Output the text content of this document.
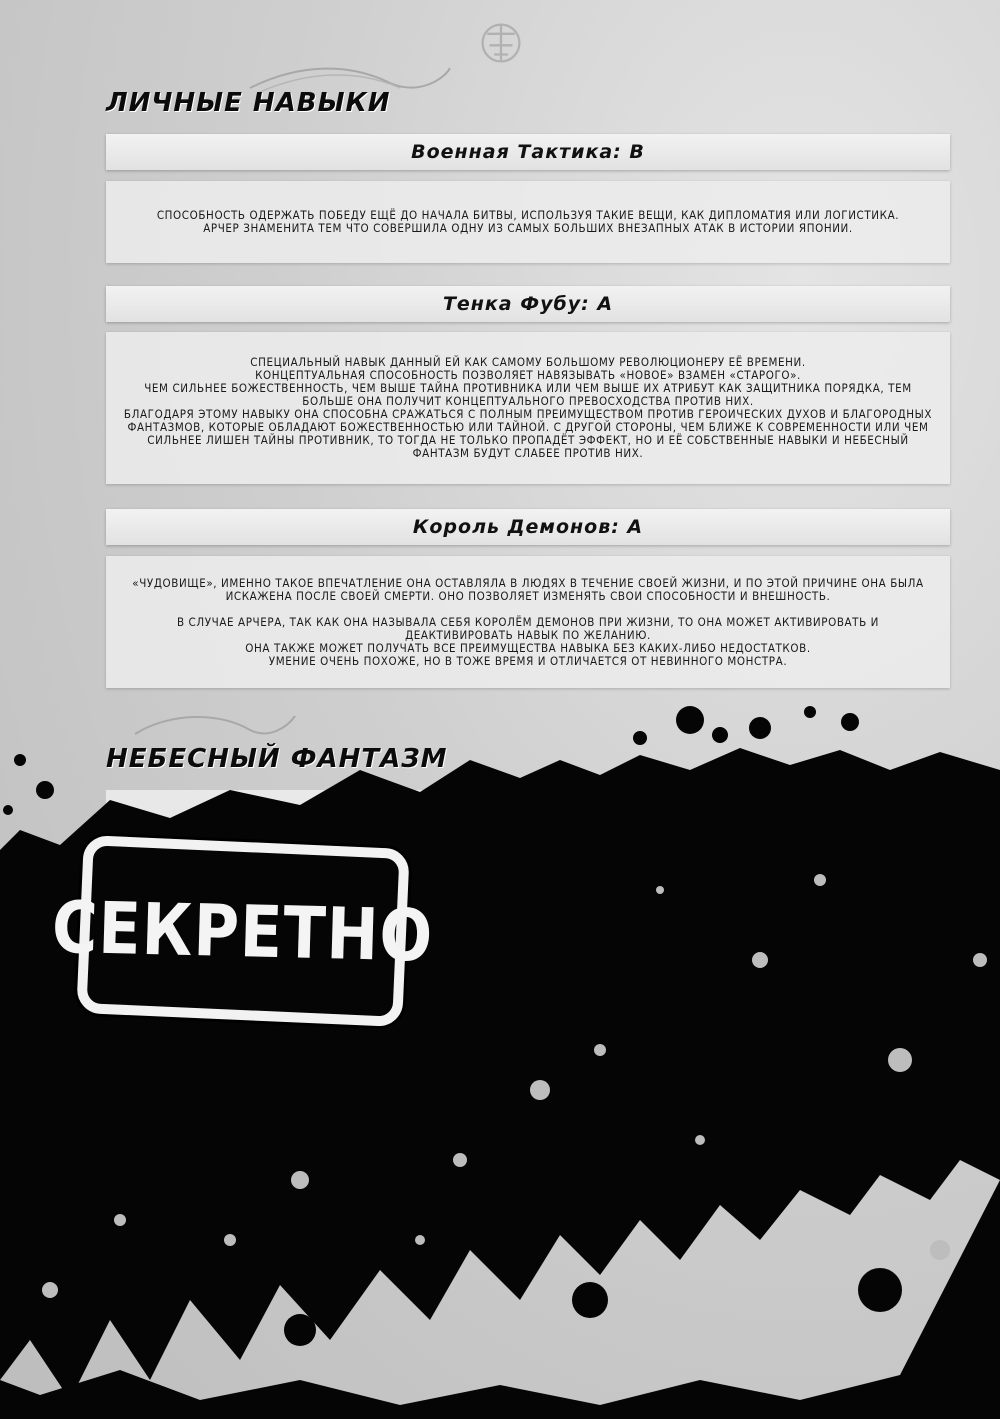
ЛИЧНЫЕ НАВЫКИ
Военная Тактика: B

СПОСОБНОСТЬ ОДЕРЖАТЬ ПОБЕДУ ЕЩЁ ДО НАЧАЛА БИТВЫ, ИСПОЛЬЗУЯ ТАКИЕ ВЕЩИ, КАК ДИПЛОМАТИЯ ИЛИ ЛОГИСТИКА.

АРЧЕР ЗНАМЕНИТА ТЕМ ЧТО СОВЕРШИЛА ОДНУ ИЗ САМЫХ БОЛЬШИХ ВНЕЗАПНЫХ АТАК В ИСТОРИИ ЯПОНИИ.

Тенка Фубу: A

СПЕЦИАЛЬНЫЙ НАВЫК ДАННЫЙ ЕЙ КАК САМОМУ БОЛЬШОМУ РЕВОЛЮЦИОНЕРУ ЕЁ ВРЕМЕНИ.

КОНЦЕПТУАЛЬНАЯ СПОСОБНОСТЬ ПОЗВОЛЯЕТ НАВЯЗЫВАТЬ «НОВОЕ» ВЗАМЕН «СТАРОГО».

ЧЕМ СИЛЬНЕЕ БОЖЕСТВЕННОСТЬ, ЧЕМ ВЫШЕ ТАЙНА ПРОТИВНИКА ИЛИ ЧЕМ ВЫШЕ ИХ АТРИБУТ КАК ЗАЩИТНИКА ПОРЯДКА, ТЕМ БОЛЬШЕ ОНА ПОЛУЧИТ КОНЦЕПТУАЛЬНОГО ПРЕВОСХОДСТВА ПРОТИВ НИХ.

БЛАГОДАРЯ ЭТОМУ НАВЫКУ ОНА СПОСОБНА СРАЖАТЬСЯ С ПОЛНЫМ ПРЕИМУЩЕСТВОМ ПРОТИВ ГЕРОИЧЕСКИХ ДУХОВ И БЛАГОРОДНЫХ ФАНТАЗМОВ, КОТОРЫЕ ОБЛАДАЮТ БОЖЕСТВЕННОСТЬЮ ИЛИ ТАЙНОЙ. С ДРУГОЙ СТОРОНЫ, ЧЕМ БЛИЖЕ К СОВРЕМЕННОСТИ ИЛИ ЧЕМ СИЛЬНЕЕ ЛИШЕН ТАЙНЫ ПРОТИВНИК, ТО ТОГДА НЕ ТОЛЬКО ПРОПАДЁТ ЭФФЕКТ, НО И ЕЁ СОБСТВЕННЫЕ НАВЫКИ И НЕБЕСНЫЙ ФАНТАЗМ БУДУТ СЛАБЕЕ ПРОТИВ НИХ.

Король Демонов: A

«ЧУДОВИЩЕ», ИМЕННО ТАКОЕ ВПЕЧАТЛЕНИЕ ОНА ОСТАВЛЯЛА В ЛЮДЯХ В ТЕЧЕНИЕ СВОЕЙ ЖИЗНИ, И ПО ЭТОЙ ПРИЧИНЕ ОНА БЫЛА ИСКАЖЕНА ПОСЛЕ СВОЕЙ СМЕРТИ. ОНО ПОЗВОЛЯЕТ ИЗМЕНЯТЬ СВОИ СПОСОБНОСТИ И ВНЕШНОСТЬ.

В СЛУЧАЕ АРЧЕРА, ТАК КАК ОНА НАЗЫВАЛА СЕБЯ КОРОЛЁМ ДЕМОНОВ ПРИ ЖИЗНИ, ТО ОНА МОЖЕТ АКТИВИРОВАТЬ И ДЕАКТИВИРОВАТЬ НАВЫК ПО ЖЕЛАНИЮ.

ОНА ТАКЖЕ МОЖЕТ ПОЛУЧАТЬ ВСЕ ПРЕИМУЩЕСТВА НАВЫКА БЕЗ КАКИХ-ЛИБО НЕДОСТАТКОВ.

УМЕНИЕ ОЧЕНЬ ПОХОЖЕ, НО В ТОЖЕ ВРЕМЯ И ОТЛИЧАЕТСЯ ОТ НЕВИННОГО МОНСТРА.

НЕБЕСНЫЙ ФАНТАЗМ
СЕКРЕТНО
